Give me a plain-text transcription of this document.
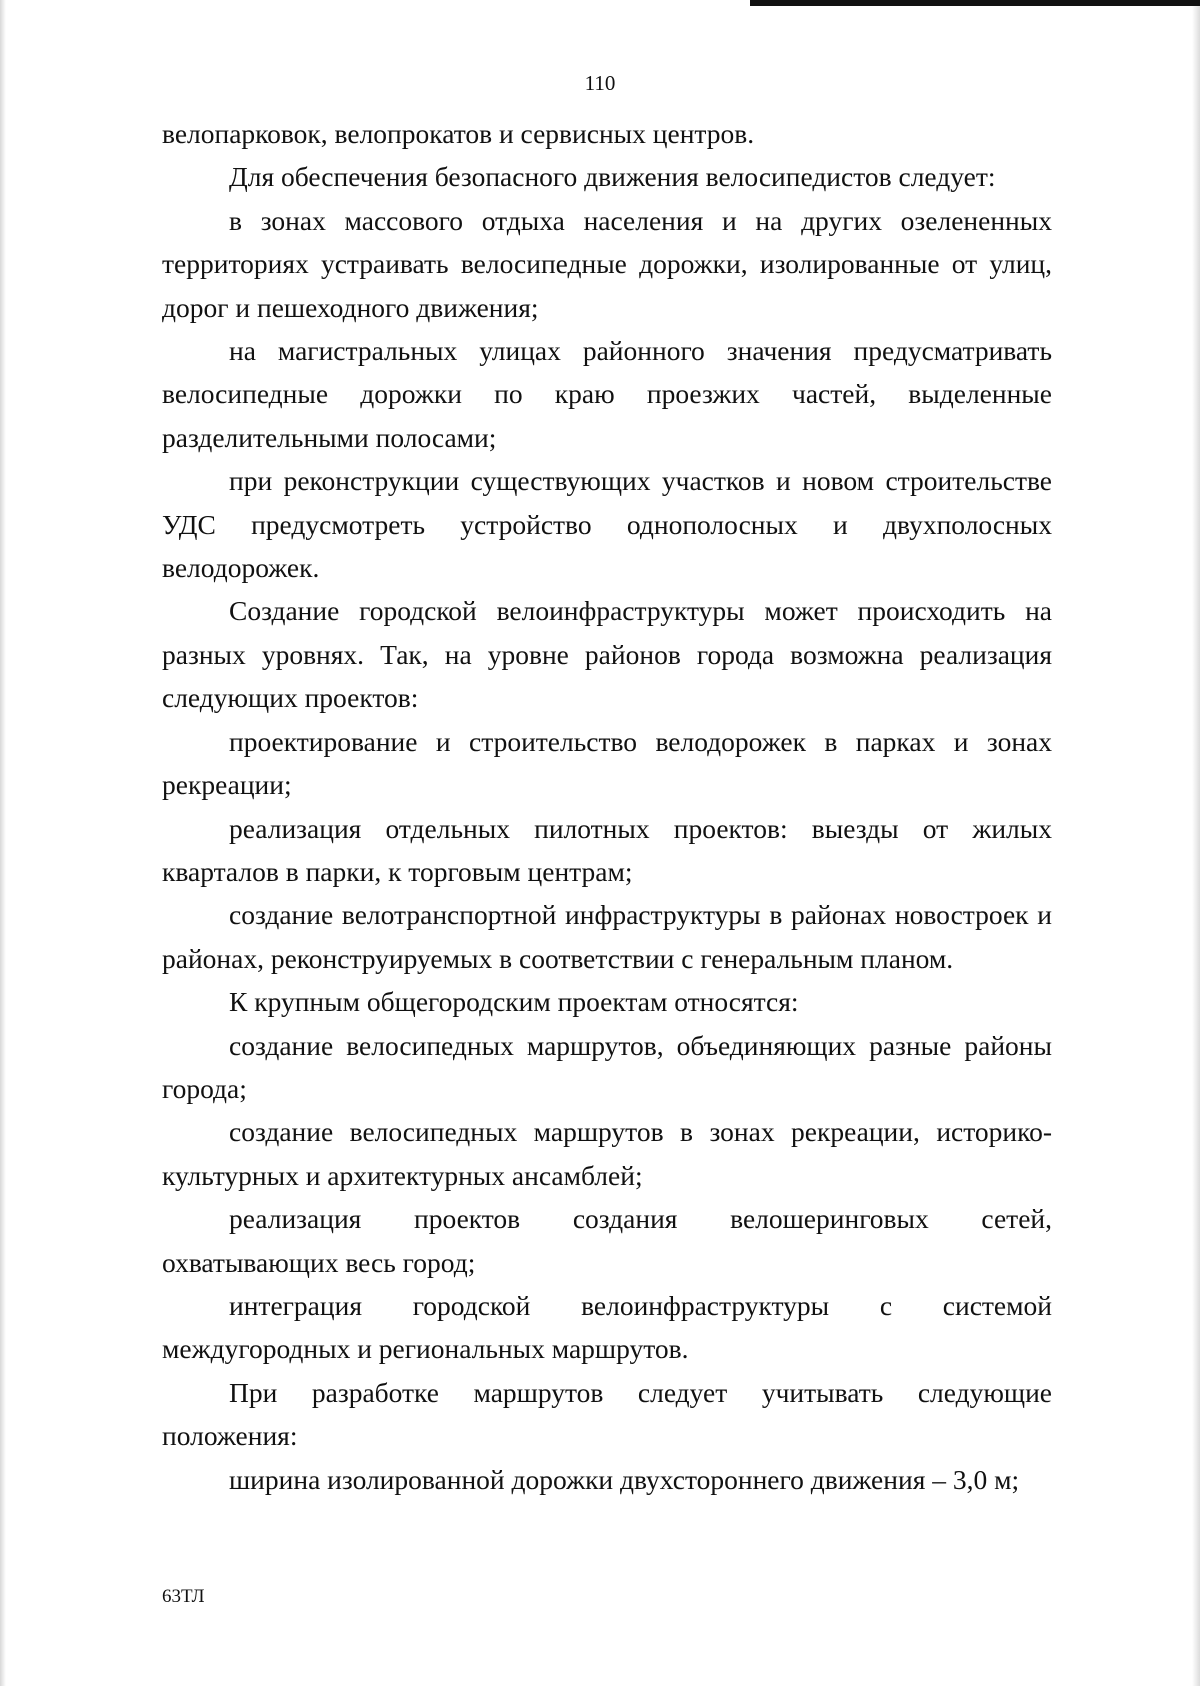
110

велопарковок, велопрокатов и сервисных центров.

Для обеспечения безопасного движения велосипедистов следует:

в зонах массового отдыха населения и на других озелененных территориях устраивать велосипедные дорожки, изолированные от улиц, дорог и пешеходного движения;

на магистральных улицах районного значения предусматривать велосипедные дорожки по краю проезжих частей, выделенные разделительными полосами;

при реконструкции существующих участков и новом строительстве УДС предусмотреть устройство однополосных и двухполосных велодорожек.

Создание городской велоинфраструктуры может происходить на разных уровнях. Так, на уровне районов города возможна реализация следующих проектов:

проектирование и строительство велодорожек в парках и зонах рекреации;

реализация отдельных пилотных проектов: выезды от жилых кварталов в парки, к торговым центрам;

создание велотранспортной инфраструктуры в районах новостроек и районах, реконструируемых в соответствии с генеральным планом.

К крупным общегородским проектам относятся:

создание велосипедных маршрутов, объединяющих разные районы города;

создание велосипедных маршрутов в зонах рекреации, историко-культурных и архитектурных ансамблей;

реализация проектов создания велошеринговых сетей, охватывающих весь город;

интеграция городской велоинфраструктуры с системой междугородных и региональных маршрутов.

При разработке маршрутов следует учитывать следующие положения:

ширина изолированной дорожки двухстороннего движения – 3,0 м;

63ТЛ
